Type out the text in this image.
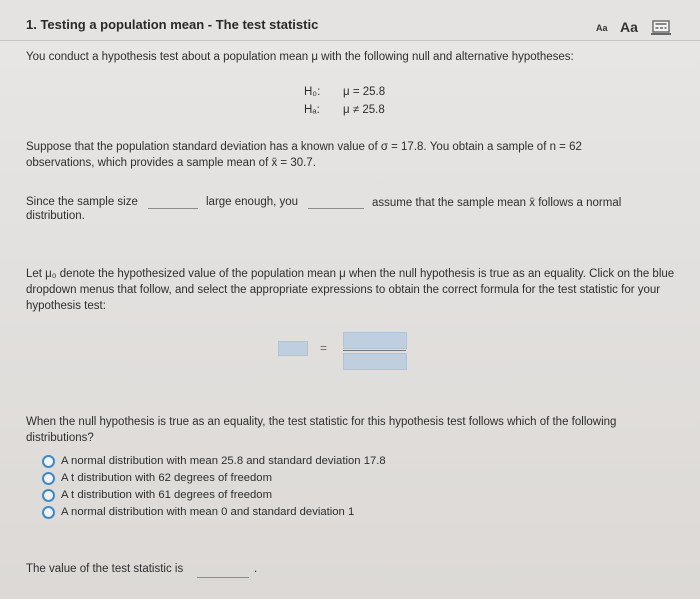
1. Testing a population mean - The test statistic	Aa Aa
You conduct a hypothesis test about a population mean μ with the following null and alternative hypotheses:
H₀: μ = 25.8
Hₐ: μ ≠ 25.8
Suppose that the population standard deviation has a known value of σ = 17.8. You obtain a sample of n = 62
observations, which provides a sample mean of x̄ = 30.7.
Since the sample size	large enough, you	assume that the sample mean x̄ follows a normal
distribution.
Let μ₀ denote the hypothesized value of the population mean μ when the null hypothesis is true as an equality. Click on the blue dropdown menus that follow, and select the appropriate expressions to obtain the correct formula for the test statistic for your hypothesis test:
=
When the null hypothesis is true as an equality, the test statistic for this hypothesis test follows which of the following distributions?
A normal distribution with mean 25.8 and standard deviation 17.8
A t distribution with 62 degrees of freedom
A t distribution with 61 degrees of freedom
A normal distribution with mean 0 and standard deviation 1
The value of the test statistic is	.
